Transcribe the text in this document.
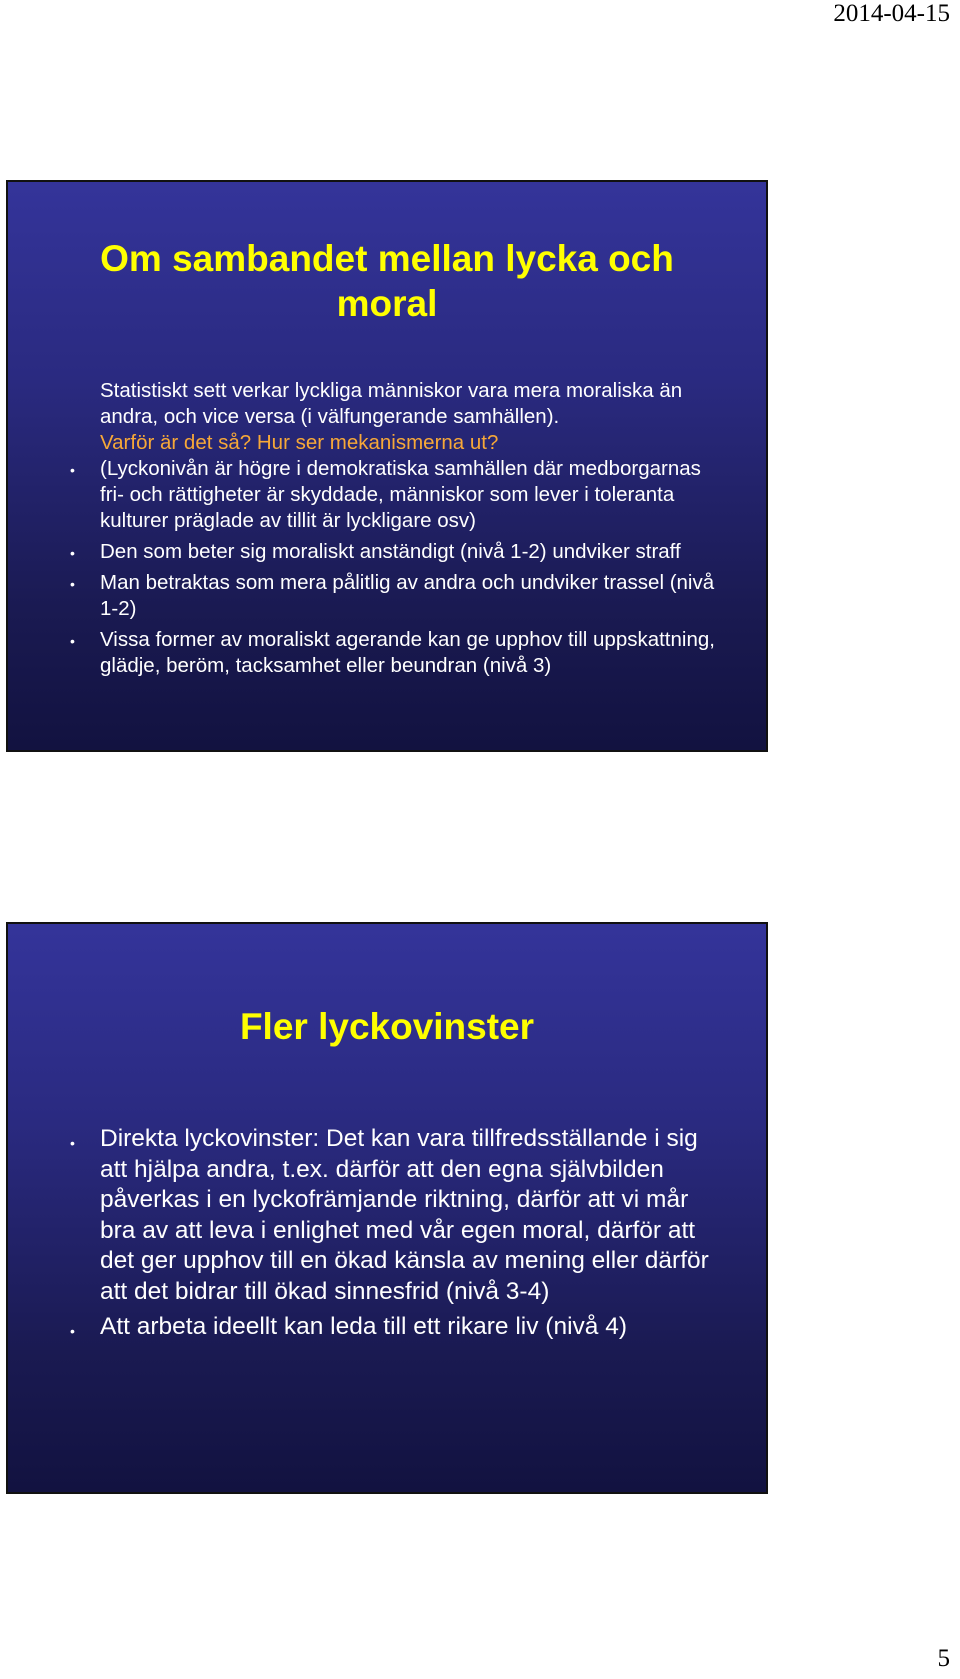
2014-04-15
Om sambandet mellan lycka och
moral

Statistiskt sett verkar lyckliga människor vara mera moraliska än andra, och vice versa (i välfungerande samhällen).

Varför är det så? Hur ser mekanismerna ut?

• (Lyckonivån är högre i demokratiska samhällen där medborgarnas fri- och rättigheter är skyddade, människor som lever i toleranta kulturer präglade av tillit är lyckligare osv)
• Den som beter sig moraliskt anständigt (nivå 1-2) undviker straff
• Man betraktas som mera pålitlig av andra och undviker trassel (nivå 1-2)
• Vissa former av moraliskt agerande kan ge upphov till uppskattning, glädje, beröm, tacksamhet eller beundran (nivå 3)
Fler lyckovinster
• Direkta lyckovinster: Det kan vara tillfredsställande i sig att hjälpa andra, t.ex. därför att den egna självbilden påverkas i en lyckofrämjande riktning, därför att vi mår bra av att leva i enlighet med vår egen moral, därför att det ger upphov till en ökad känsla av mening eller därför att det bidrar till ökad sinnesfrid (nivå 3-4)
• Att arbeta ideellt kan leda till ett rikare liv (nivå 4)
5
